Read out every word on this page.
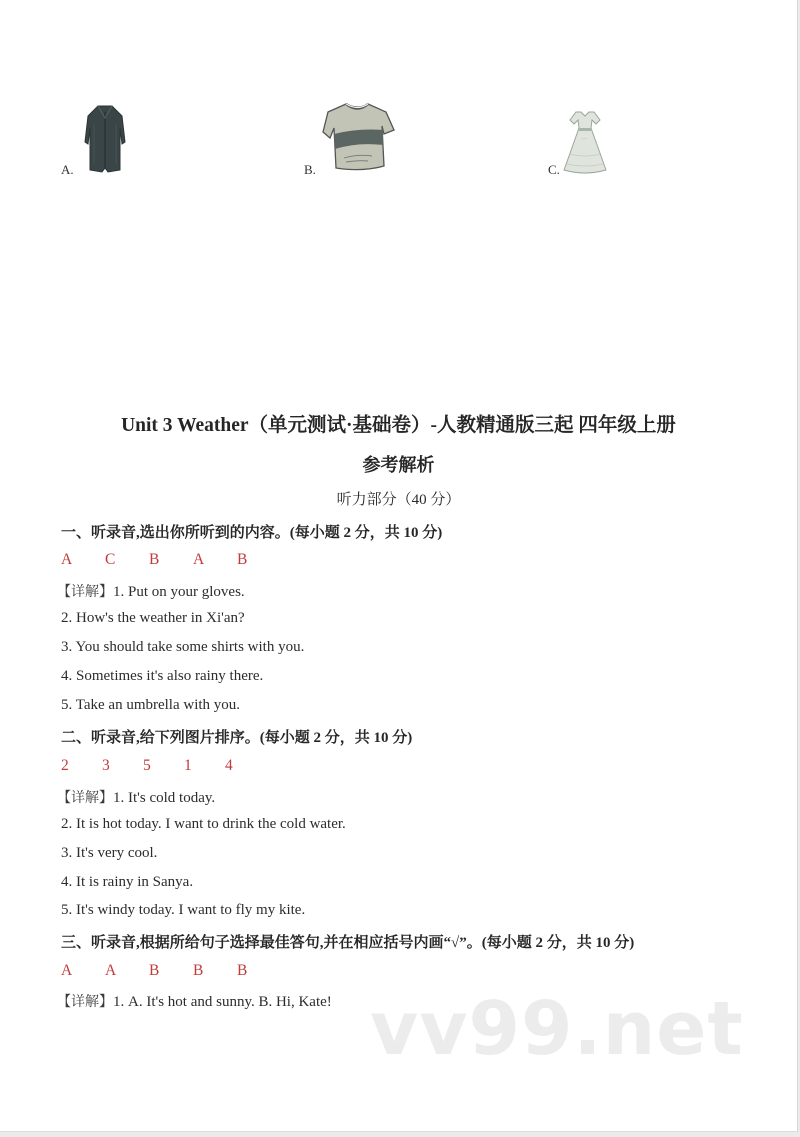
A.	B.	C.
Unit 3 Weather（单元测试·基础卷）-人教精通版三起 四年级上册
参考解析
听力部分（40 分）
一、听录音,选出你所听到的内容。(每小题 2 分，共 10 分)
A C B A B
【详解】1. Put on your gloves.
2. How's the weather in Xi'an?
3. You should take some shirts with you.
4. Sometimes it's also rainy there.
5. Take an umbrella with you.
二、听录音,给下列图片排序。(每小题 2 分，共 10 分)
2 3 5 1 4
【详解】1. It's cold today.
2. It is hot today. I want to drink the cold water.
3. It's very cool.
4. It is rainy in Sanya.
5. It's windy today. I want to fly my kite.
三、听录音,根据所给句子选择最佳答句,并在相应括号内画“√”。(每小题 2 分，共 10 分)
A A B B B
【详解】1. A. It's hot and sunny. B. Hi, Kate! vv99.net
